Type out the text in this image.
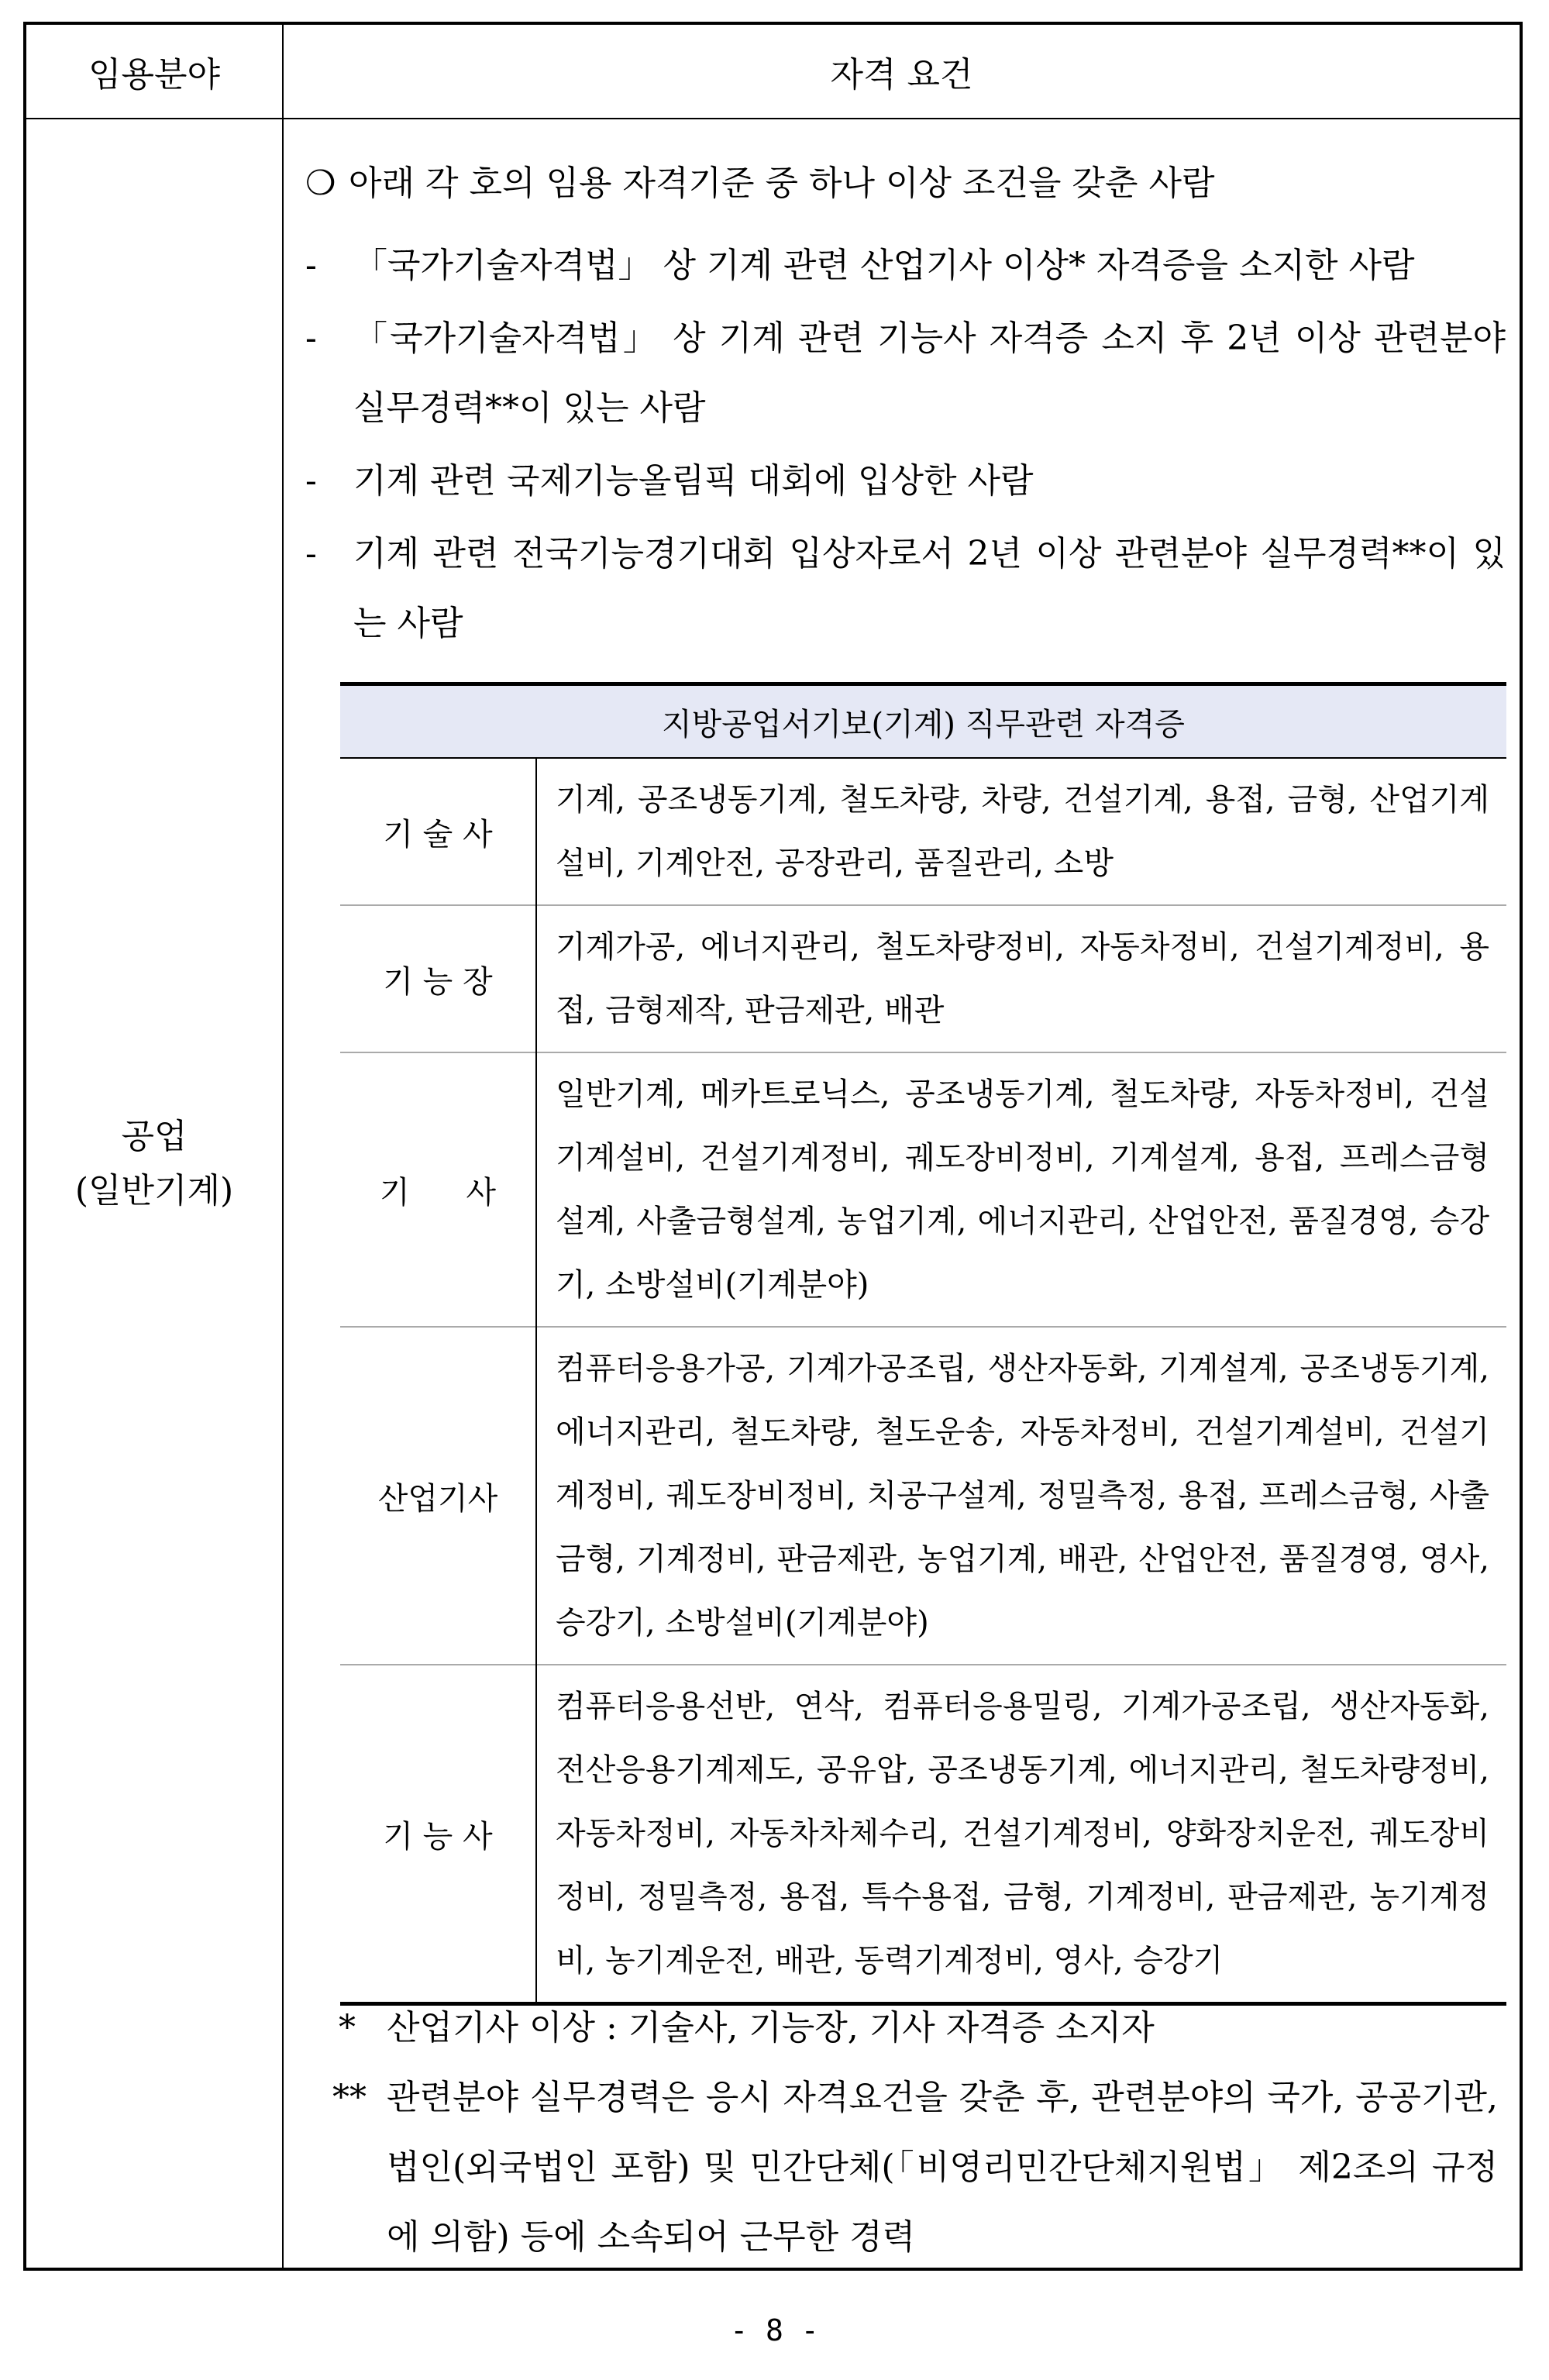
임용분야	자격 요건
공업
(일반기계)
❍ 아래 각 호의 임용 자격기준 중 하나 이상 조건을 갖춘 사람
-	「국가기술자격법」 상 기계 관련 산업기사 이상* 자격증을 소지한 사람
-	「국가기술자격법」 상 기계 관련 기능사 자격증 소지 후 2년 이상 관련분야 실무경력**이 있는 사람
-	기계 관련 국제기능올림픽 대회에 입상한 사람
-	기계 관련 전국기능경기대회 입상자로서 2년 이상 관련분야 실무경력**이 있는 사람
지방공업서기보(기계) 직무관련 자격증
기 술 사	기계, 공조냉동기계, 철도차량, 차량, 건설기계, 용접, 금형, 산업기계설비, 기계안전, 공장관리, 품질관리, 소방
기 능 장	기계가공, 에너지관리, 철도차량정비, 자동차정비, 건설기계정비, 용접, 금형제작, 판금제관, 배관
기 사	일반기계, 메카트로닉스, 공조냉동기계, 철도차량, 자동차정비, 건설기계설비, 건설기계정비, 궤도장비정비, 기계설계, 용접, 프레스금형설계, 사출금형설계, 농업기계, 에너지관리, 산업안전, 품질경영, 승강기, 소방설비(기계분야)
산업기사	컴퓨터응용가공, 기계가공조립, 생산자동화, 기계설계, 공조냉동기계, 에너지관리, 철도차량, 철도운송, 자동차정비, 건설기계설비, 건설기계정비, 궤도장비정비, 치공구설계, 정밀측정, 용접, 프레스금형, 사출금형, 기계정비, 판금제관, 농업기계, 배관, 산업안전, 품질경영, 영사, 승강기, 소방설비(기계분야)
기 능 사	컴퓨터응용선반, 연삭, 컴퓨터응용밀링, 기계가공조립, 생산자동화, 전산응용기계제도, 공유압, 공조냉동기계, 에너지관리, 철도차량정비, 자동차정비, 자동차차체수리, 건설기계정비, 양화장치운전, 궤도장비정비, 정밀측정, 용접, 특수용접, 금형, 기계정비, 판금제관, 농기계정비, 농기계운전, 배관, 동력기계정비, 영사, 승강기
* 산업기사 이상 : 기술사, 기능장, 기사 자격증 소지자
** 관련분야 실무경력은 응시 자격요건을 갖춘 후, 관련분야의 국가, 공공기관, 법인(외국법인 포함) 및 민간단체(「비영리민간단체지원법」 제2조의 규정에 의함) 등에 소속되어 근무한 경력
- 8 -
